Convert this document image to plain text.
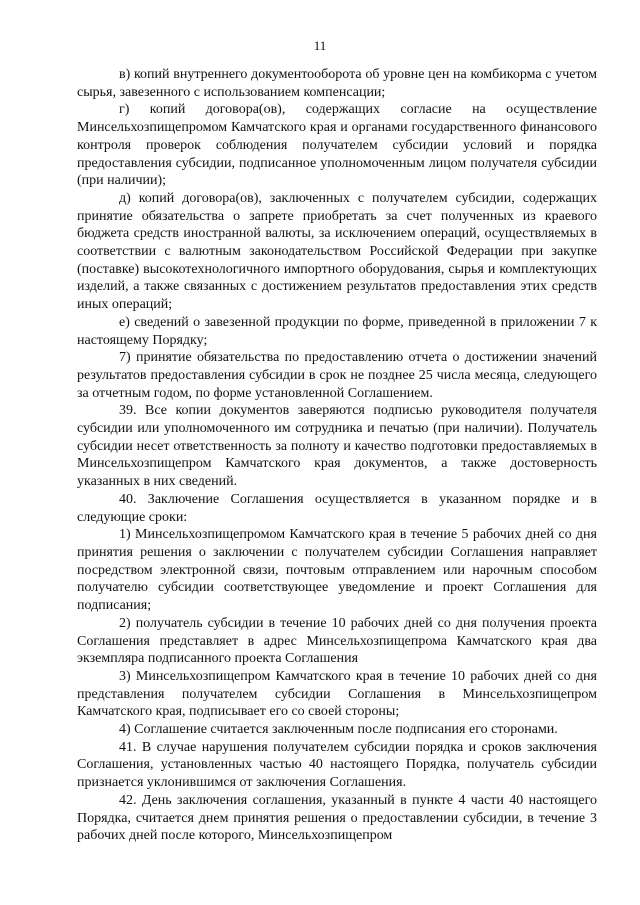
11

в) копий внутреннего документооборота об уровне цен на комбикорма с учетом сырья, завезенного с использованием компенсации;

г) копий договора(ов), содержащих согласие на осуществление Минсельхозпищепромом Камчатского края и органами государственного финансового контроля проверок соблюдения получателем субсидии условий и порядка предоставления субсидии, подписанное уполномоченным лицом получателя субсидии (при наличии);

д) копий договора(ов), заключенных с получателем субсидии, содержащих принятие обязательства о запрете приобретать за счет полученных из краевого бюджета средств иностранной валюты, за исключением операций, осуществляемых в соответствии с валютным законодательством Российской Федерации при закупке (поставке) высокотехнологичного импортного оборудования, сырья и комплектующих изделий, а также связанных с достижением результатов предоставления этих средств иных операций;

е) сведений о завезенной продукции по форме, приведенной в приложении 7 к настоящему Порядку;

7) принятие обязательства по предоставлению отчета о достижении значений результатов предоставления субсидии в срок не позднее 25 числа месяца, следующего за отчетным годом, по форме установленной Соглашением.

39. Все копии документов заверяются подписью руководителя получателя субсидии или уполномоченного им сотрудника и печатью (при наличии). Получатель субсидии несет ответственность за полноту и качество подготовки предоставляемых в Минсельхозпищепром Камчатского края документов, а также достоверность указанных в них сведений.

40. Заключение Соглашения осуществляется в указанном порядке и в следующие сроки:

1) Минсельхозпищепромом Камчатского края в течение 5 рабочих дней со дня принятия решения о заключении с получателем субсидии Соглашения направляет посредством электронной связи, почтовым отправлением или нарочным способом получателю субсидии соответствующее уведомление и проект Соглашения для подписания;

2) получатель субсидии в течение 10 рабочих дней со дня получения проекта Соглашения представляет в адрес Минсельхозпищепрома Камчатского края два экземпляра подписанного проекта Соглашения

3) Минсельхозпищепром Камчатского края в течение 10 рабочих дней со дня представления получателем субсидии Соглашения в Минсельхозпищепром Камчатского края, подписывает его со своей стороны;

4) Соглашение считается заключенным после подписания его сторонами.

41. В случае нарушения получателем субсидии порядка и сроков заключения Соглашения, установленных частью 40 настоящего Порядка, получатель субсидии признается уклонившимся от заключения Соглашения.

42. День заключения соглашения, указанный в пункте 4 части 40 настоящего Порядка, считается днем принятия решения о предоставлении субсидии, в течение 3 рабочих дней после которого, Минсельхозпищепром
